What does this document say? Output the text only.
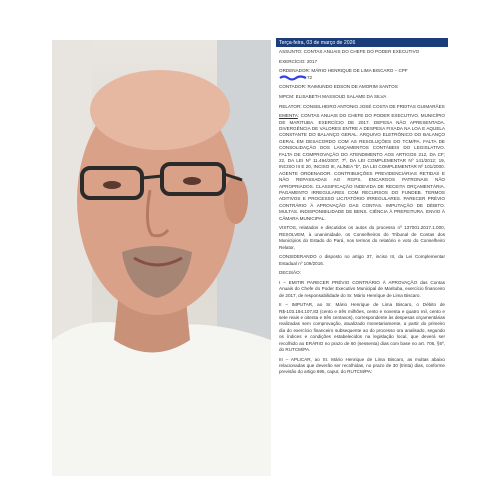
Terça-feira, 03 de março de 2026

ASSUNTO: CONTAS ANUAIS DO CHEFE DO PODER EXECUTIVO

EXERCÍCIO: 2017

ORDENADOR: MÁRIO HENRIQUE DE LIMA BISCARO – CPF
72

CONTADOR: RAIMUNDO EDSON DE AMORIM SANTOS

MPCM: ELISABETH MASSOUD SALAME DA SILVA

RELATOR: CONSELHEIRO ANTONIO JOSÉ COSTA DE FREITAS GUIMARÃES

EMENTA: CONTAS ANUAIS DO CHEFE DO PODER EXECUTIVO. MUNICÍPIO DE MARITUBA. EXERCÍCIO DE 2017. DEFESA NÃO APRESENTADA. DIVERGÊNCIA DE VALORES ENTRE A DESPESA FIXADA NA LOA E AQUELA CONSTANTE DO BALANÇO GERAL. ARQUIVO ELETRÔNICO DO BALANÇO GERAL EM DESACORDO COM AS RESOLUÇÕES DO TCM/PA. FALTA DE CONSOLIDAÇÃO DOS LANÇAMENTOS CONTÁBEIS DO LEGISLATIVO. FALTA DE COMPROVAÇÃO DO ATENDIMENTO AOS ARTIGOS 212, DA CF; 22, DA LEI Nº 11.494/2007; 7º, DA LEI COMPLEMENTAR Nº 141/2012; 19, INCISO III E 20, INCISO III, ALÍNEA "b", DA LEI COMPLEMENTAR Nº 101/2000. AGENTE ORDENADOR. CONTRIBUIÇÕES PREVIDENCIÁRIAS RETIDAS E NÃO REPASSADAS AO RGPS. ENCARGOS PATRONAIS NÃO APROPRIADOS. CLASSIFICAÇÃO INDEVIDA DE RECEITA ORÇAMENTÁRIA. PAGAMENTO IRREGULARES COM RECURSOS DO FUNDEB. TERMOS ADITIVOS E PROCESSO LICITATÓRIO IRREGULARES. PARECER PRÉVIO CONTRÁRIO À APROVAÇÃO DAS CONTAS. IMPUTAÇÃO DE DÉBITO. MULTAS. INDISPONIBILIDADE DE BENS. CIÊNCIA À PREFEITURA. ENVIO À CÂMARA MUNICIPAL.

VISTOS, relatados e discutidos os autos do processo nº 137001.2017.1.000, RESOLVEM, à unanimidade, os Conselheiros do Tribunal de Contas dos Municípios do Estado do Pará, nos termos do relatório e voto do Conselheiro Relator,

CONSIDERANDO o disposto no artigo 37, inciso III, da Lei Complementar Estadual nº 109/2016.

DECISÃO:

I – EMITIR PARECER PRÉVIO CONTRÁRIO À APROVAÇÃO das Contas Anuais do Chefe do Poder Executivo Municipal de Marituba, exercício financeiro de 2017, de responsabilidade do Sr. Mário Henrique de Lima Biscaro.

II – IMPUTAR, ao Sr. Mário Henrique de Lima Biscaro, o Débito de R$-103.194.107,83 (cento e três milhões, cento e noventa e quatro mil, cento e sete reais e oitenta e três centavos), correspondente às despesas orçamentárias realizadas sem comprovação, atualizado monetariamente, a partir do primeiro dia do exercício financeiro subsequente ao do processo ora analisado, segundo os índices e condições estabelecidos na legislação local, que deverá ser recolhido ao ERÁRIO no prazo de 60 (sessenta) dias com base no art. 706, §5º, do RUTCM/PA.

III – APLICAR, ao Sr. Mário Henrique de Lima Biscaro, as multas abaixo relacionadas que deverão ser recolhidas, no prazo de 30 (trinta) dias, conforme previsão do artigo 695, caput, do RUTCM/PA:
